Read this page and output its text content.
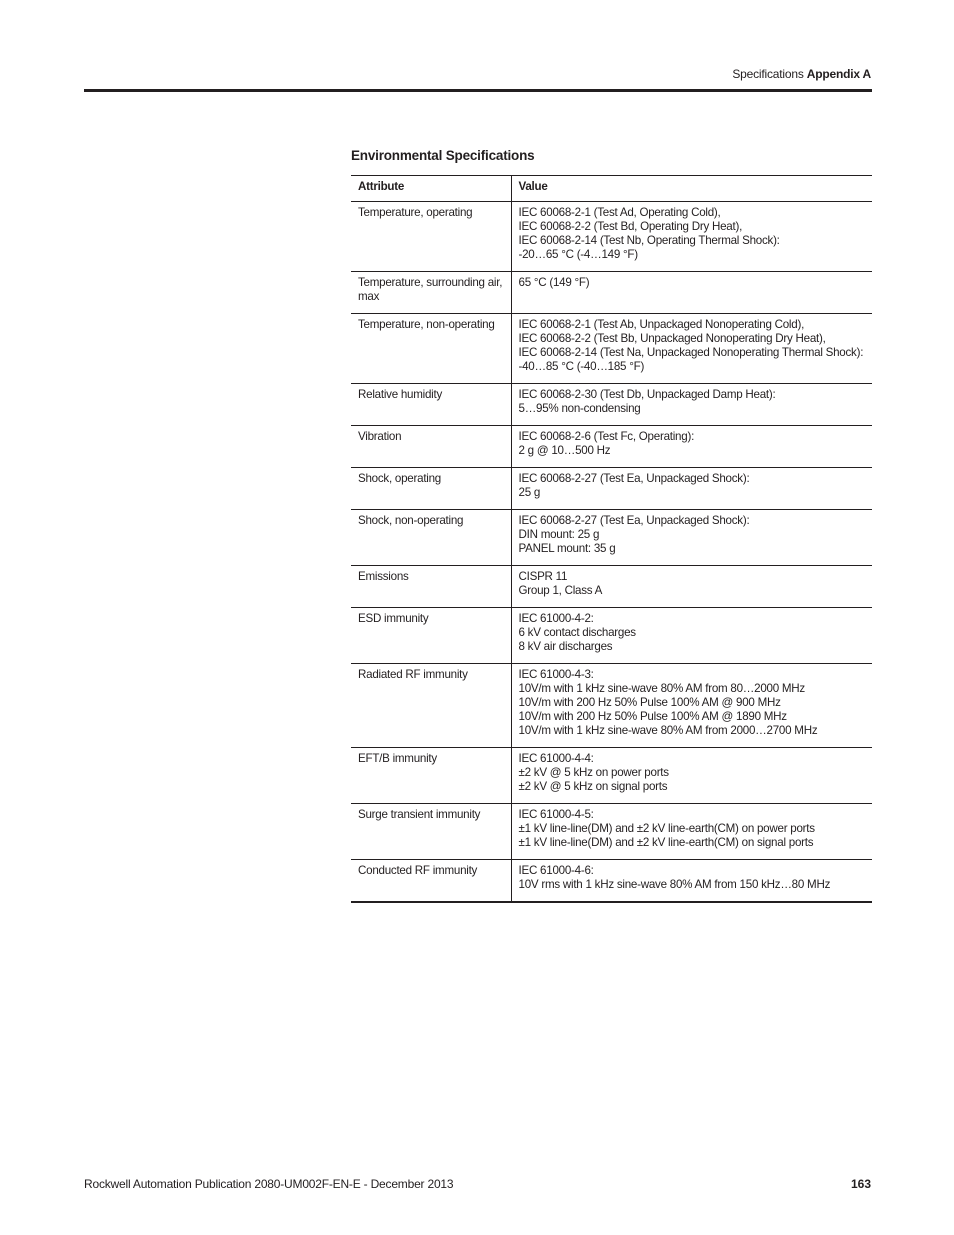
Specifications Appendix A
Environmental Specifications
Attribute	Value
Temperature, operating	IEC 60068-2-1 (Test Ad, Operating Cold),
IEC 60068-2-2 (Test Bd, Operating Dry Heat),
IEC 60068-2-14 (Test Nb, Operating Thermal Shock):
-20…65 °C (-4…149 °F)

Temperature, surrounding air, max	65 °C (149 °F)

Temperature, non-operating	IEC 60068-2-1 (Test Ab, Unpackaged Nonoperating Cold),
IEC 60068-2-2 (Test Bb, Unpackaged Nonoperating Dry Heat),
IEC 60068-2-14 (Test Na, Unpackaged Nonoperating Thermal Shock):
-40…85 °C (-40…185 °F)

Relative humidity	IEC 60068-2-30 (Test Db, Unpackaged Damp Heat):
5…95% non-condensing

Vibration	IEC 60068-2-6 (Test Fc, Operating):
2 g @ 10…500 Hz

Shock, operating	IEC 60068-2-27 (Test Ea, Unpackaged Shock):
25 g

Shock, non-operating	IEC 60068-2-27 (Test Ea, Unpackaged Shock):
DIN mount: 25 g
PANEL mount: 35 g

Emissions	CISPR 11
Group 1, Class A

ESD immunity	IEC 61000-4-2:
6 kV contact discharges
8 kV air discharges

Radiated RF immunity	IEC 61000-4-3:
10V/m with 1 kHz sine-wave 80% AM from 80…2000 MHz
10V/m with 200 Hz 50% Pulse 100% AM @ 900 MHz
10V/m with 200 Hz 50% Pulse 100% AM @ 1890 MHz
10V/m with 1 kHz sine-wave 80% AM from 2000…2700 MHz

EFT/B immunity	IEC 61000-4-4:
±2 kV @ 5 kHz on power ports
±2 kV @ 5 kHz on signal ports

Surge transient immunity	IEC 61000-4-5:
±1 kV line-line(DM) and ±2 kV line-earth(CM) on power ports
±1 kV line-line(DM) and ±2 kV line-earth(CM) on signal ports

Conducted RF immunity	IEC 61000-4-6:
10V rms with 1 kHz sine-wave 80% AM from 150 kHz…80 MHz
Rockwell Automation Publication 2080-UM002F-EN-E - December 2013	163
